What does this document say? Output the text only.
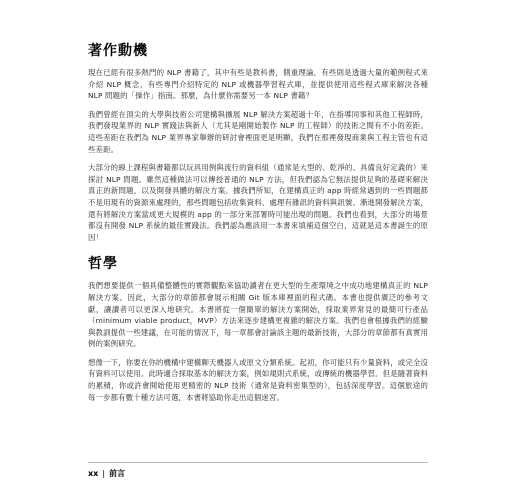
著作動機

現在已經有很多熱門的 NLP 書籍了，其中有些是教科書，側重理論，有些則是透過大量的範例程式來介紹 NLP 概念，有些專門介紹特定的 NLP 或機器學習程式庫，並提供使用這些程式庫來解決各種 NLP 問題的「操作」指南。那麼，為什麼你需要另一本 NLP 書籍？

我們曾經在頂尖的大學與技術公司建構與擴展 NLP 解決方案超過十年，在指導同事和其他工程師時，我們發現業界的 NLP 實踐法與新人（尤其是剛開始製作 NLP 的工程師）的技術之間有不小的差距。這些差距在我們為 NLP 業界專家舉辦的研討會裡面更是明顯，我們在那裡發現商業與工程主管也有這些差距。

大部分的線上課程與書籍都以玩具用例與流行的資料組（通常是大型的、乾淨的、具備良好定義的）來探討 NLP 問題。雖然這種做法可以傳授普通的 NLP 方法，但我們認為它無法提供足夠的基礎來解決真正的新問題，以及開發具體的解決方案。據我們所知，在建構真正的 app 時經常遇到的一些問題都不是用現有的資源來處理的，那些問題包括收集資料、處理有雜訊的資料與訊號、漸進開發解決方案，還有將解決方案當成更大規模的 app 的一部分來部署時可能出現的問題。我們也看到，大部分的場景都沒有開發 NLP 系統的最佳實踐法。我們認為應該用一本書來填補這個空白，這就是這本書誕生的原因！

哲學

我們想要提供一個具備整體性的實際觀點來協助讀者在更大型的生產環境之中成功地建構真正的 NLP 解決方案。因此，大部分的章節都會展示相關 Git 版本庫裡面的程式碼。本書也提供廣泛的參考文獻，讓讀者可以更深入地研究。本書將從一個簡單的解決方案開始，採取業界常見的最簡可行產品（minimum viable product，MVP）方法來逐步建構更複雜的解決方案。我們也會根據我們的經驗與教訓提供一些建議，在可能的情況下，每一章都會討論該主題的最新技術，大部分的章節都有真實用例的案例研究。

想像一下，你要在你的機構中建構聊天機器人或原文分類系統。起初，你可能只有少量資料，或完全沒有資料可以使用。此時適合採取基本的解決方案，例如規則式系統，或傳統的機器學習。但是隨著資料的累積，你或許會開始使用更精密的 NLP 技術（通常是資料密集型的），包括深度學習。這個旅途的每一步都有數十種方法可選，本書將協助你走出這個迷宮。

xx | 前言
